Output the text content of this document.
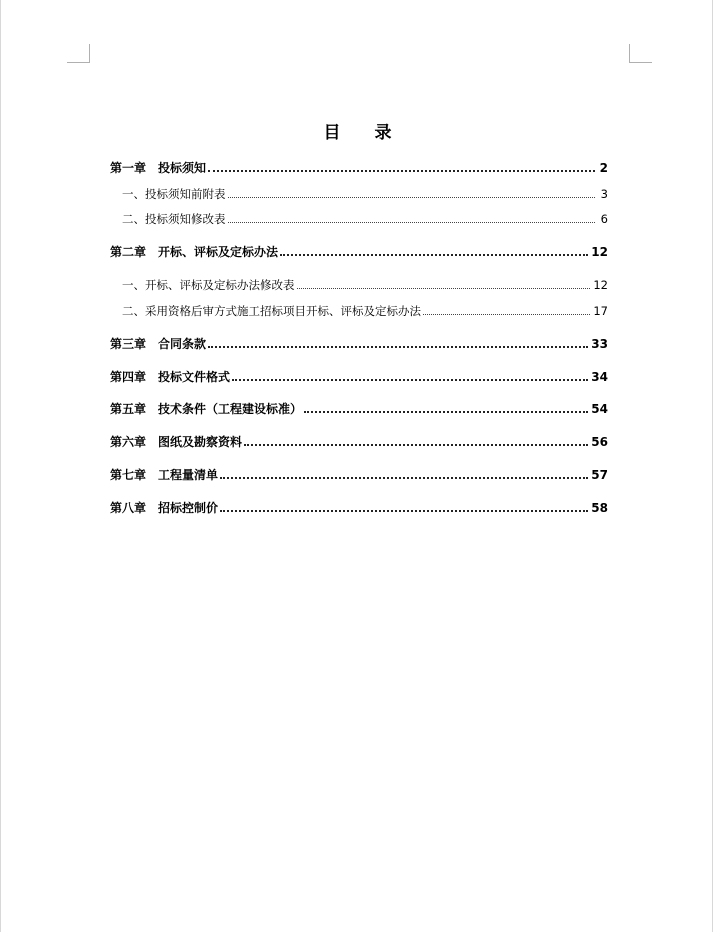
目 录
第一章 投标须知	2
一、投标须知前附表	3
二、投标须知修改表	6
第二章 开标、评标及定标办法	12
一、开标、评标及定标办法修改表	12
二、采用资格后审方式施工招标项目开标、评标及定标办法	17
第三章 合同条款	33
第四章 投标文件格式	34
第五章 技术条件（工程建设标准）	54
第六章 图纸及勘察资料	56
第七章 工程量清单	57
第八章 招标控制价	58
